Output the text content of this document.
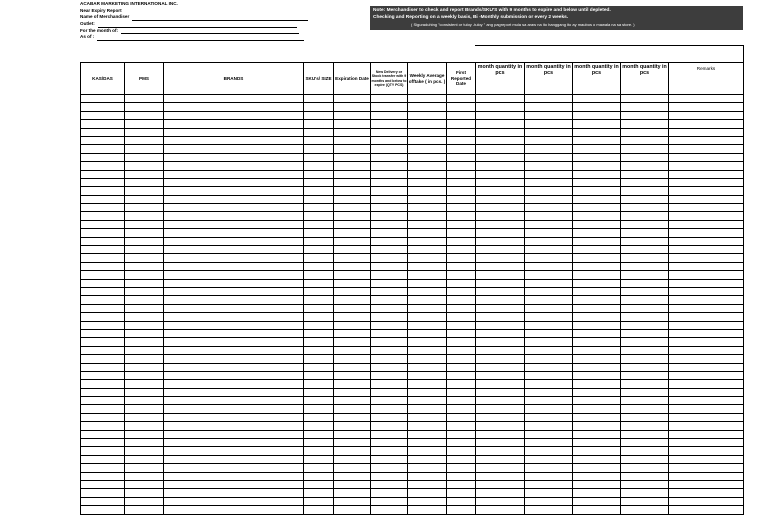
ACABAR MARKETING INTERNATIONAL INC.
Near Expiry Report
Name of Merchandiser
Outlet:
For the month of:
As of :
Note: Merchandiser to check and report Brands/SKU'S with 9 months to expire and below until depleted.
Checking and Reporting on a weekly basis, Bi -Monthly submission or every 2 weeks.
( Siguraduhing "consistent or tuloy -tuloy " ang pagreport mula sa araw na ito hanggang ito ay maubos o mawala na sa store. )
KAS/DAS	PMS	BRANDS	SKU's/ SIZE	Expiration Date	New Delivery or Stock transfer with 9 months and below to expire (QTY PCS)	Weekly Average offtake ( in pcs. )	First Reported Date	month quantity in pcs	month quantity in pcs	month quantity in pcs	month quantity in pcs	Remarks
